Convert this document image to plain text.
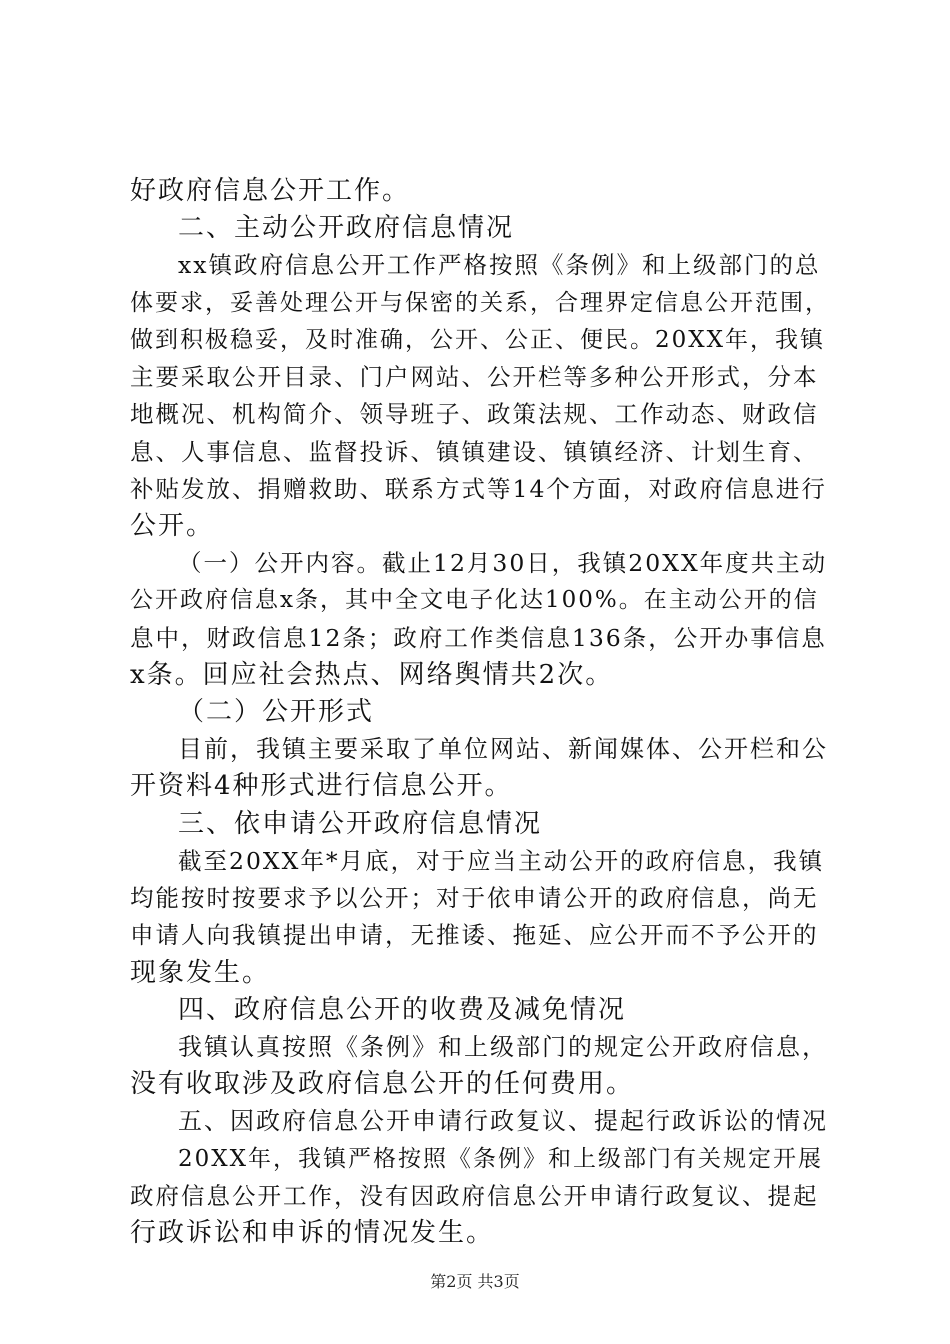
好政府信息公开工作。
二、主动公开政府信息情况
xx镇政府信息公开工作严格按照《条例》和上级部门的总
体要求，妥善处理公开与保密的关系，合理界定信息公开范围，
做到积极稳妥，及时准确，公开、公正、便民。20XX年，我镇
主要采取公开目录、门户网站、公开栏等多种公开形式，分本
地概况、机构简介、领导班子、政策法规、工作动态、财政信
息、人事信息、监督投诉、镇镇建设、镇镇经济、计划生育、
补贴发放、捐赠救助、联系方式等14个方面，对政府信息进行
公开。
（一）公开内容。截止12月30日，我镇20XX年度共主动
公开政府信息x条，其中全文电子化达100%。在主动公开的信
息中，财政信息12条；政府工作类信息136条，公开办事信息
x条。回应社会热点、网络舆情共2次。
（二）公开形式
目前，我镇主要采取了单位网站、新闻媒体、公开栏和公
开资料4种形式进行信息公开。
三、依申请公开政府信息情况
截至20XX年*月底，对于应当主动公开的政府信息，我镇
均能按时按要求予以公开；对于依申请公开的政府信息，尚无
申请人向我镇提出申请，无推诿、拖延、应公开而不予公开的
现象发生。
四、政府信息公开的收费及减免情况
我镇认真按照《条例》和上级部门的规定公开政府信息，
没有收取涉及政府信息公开的任何费用。
五、因政府信息公开申请行政复议、提起行政诉讼的情况
20XX年，我镇严格按照《条例》和上级部门有关规定开展
政府信息公开工作，没有因政府信息公开申请行政复议、提起
行政诉讼和申诉的情况发生。
第2页 共3页
